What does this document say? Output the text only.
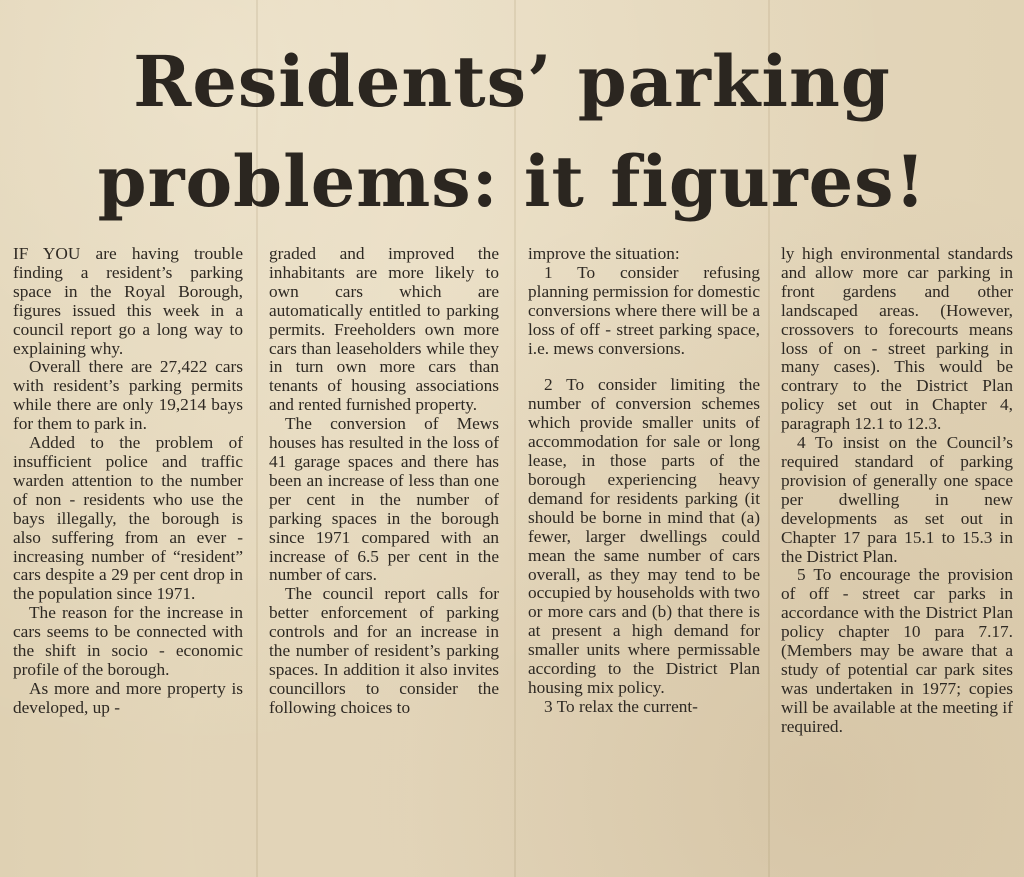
Residents’ parking
problems: it figures!

IF YOU are having trouble finding a resident’s parking space in the Royal Borough, figures issued this week in a council report go a long way to explaining why.

Overall there are 27,422 cars with resident’s parking permits while there are only 19,214 bays for them to park in.

Added to the problem of insufficient police and traffic warden attention to the number of non - residents who use the bays illegally, the borough is also suffering from an ever - increasing number of “resident” cars despite a 29 per cent drop in the population since 1971.

The reason for the increase in cars seems to be connected with the shift in socio - economic profile of the borough.

As more and more property is developed, up -

graded and improved the inhabitants are more likely to own cars which are automatically entitled to parking permits. Freeholders own more cars than leaseholders while they in turn own more cars than tenants of housing associations and rented furnished property.

The conversion of Mews houses has resulted in the loss of 41 garage spaces and there has been an increase of less than one per cent in the number of parking spaces in the borough since 1971 compared with an increase of 6.5 per cent in the number of cars.

The council report calls for better enforcement of parking controls and for an increase in the number of resident’s parking spaces. In addition it also invites councillors to consider the following choices to

improve the situation:

1 To consider refusing planning permission for domestic conversions where there will be a loss of off - street parking space, i.e. mews conversions.

2 To consider limiting the number of conversion schemes which provide smaller units of accommodation for sale or long lease, in those parts of the borough experiencing heavy demand for residents parking (it should be borne in mind that (a) fewer, larger dwellings could mean the same number of cars overall, as they may tend to be occupied by households with two or more cars and (b) that there is at present a high demand for smaller units where permissable according to the District Plan housing mix policy.

3 To relax the current-

ly high environmental standards and allow more car parking in front gardens and other landscaped areas. (However, crossovers to forecourts means loss of on - street parking in many cases). This would be contrary to the District Plan policy set out in Chapter 4, paragraph 12.1 to 12.3.

4 To insist on the Council’s required standard of parking provision of generally one space per dwelling in new developments as set out in Chapter 17 para 15.1 to 15.3 in the District Plan.

5 To encourage the provision of off - street car parks in accordance with the District Plan policy chapter 10 para 7.17. (Members may be aware that a study of potential car park sites was undertaken in 1977; copies will be available at the meeting if required.
